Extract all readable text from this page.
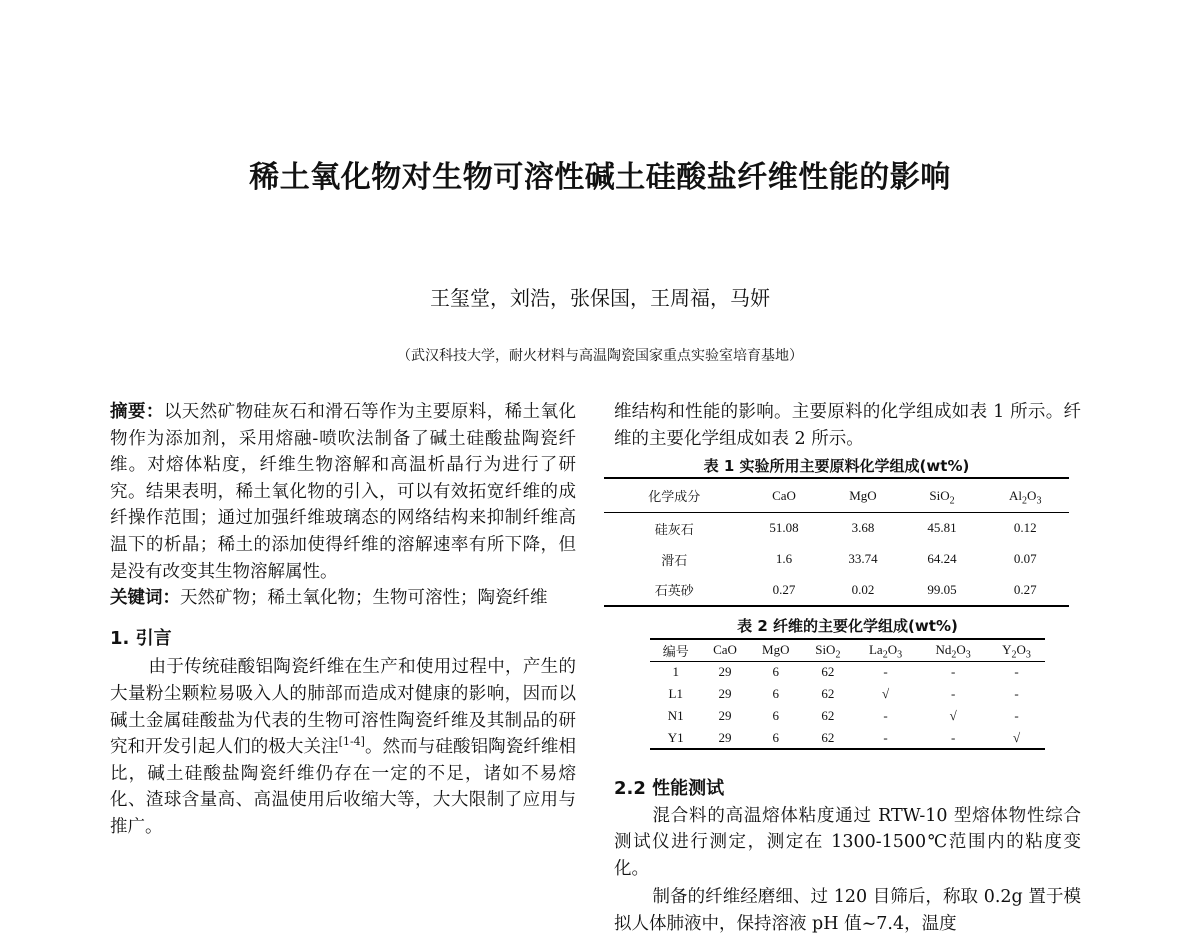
稀土氧化物对生物可溶性碱土硅酸盐纤维性能的影响
王玺堂，刘浩，张保国，王周福，马妍
（武汉科技大学，耐火材料与高温陶瓷国家重点实验室培育基地）

摘要：以天然矿物硅灰石和滑石等作为主要原料，稀土氧化物作为添加剂，采用熔融-喷吹法制备了碱土硅酸盐陶瓷纤维。对熔体粘度，纤维生物溶解和高温析晶行为进行了研究。结果表明，稀土氧化物的引入，可以有效拓宽纤维的成纤操作范围；通过加强纤维玻璃态的网络结构来抑制纤维高温下的析晶；稀土的添加使得纤维的溶解速率有所下降，但是没有改变其生物溶解属性。

关键词：天然矿物；稀土氧化物；生物可溶性；陶瓷纤维

1. 引言

由于传统硅酸铝陶瓷纤维在生产和使用过程中，产生的大量粉尘颗粒易吸入人的肺部而造成对健康的影响，因而以碱土金属硅酸盐为代表的生物可溶性陶瓷纤维及其制品的研究和开发引起人们的极大关注[1-4]。然而与硅酸铝陶瓷纤维相比，碱土硅酸盐陶瓷纤维仍存在一定的不足，诸如不易熔化、渣球含量高、高温使用后收缩大等，大大限制了应用与推广。

维结构和性能的影响。主要原料的化学组成如表 1 所示。纤维的主要化学组成如表 2 所示。

表 1 实验所用主要原料化学组成(wt%)
化学成分	CaO	MgO	SiO$_2$	$Al_2O_3$
硅灰石	51.08	3.68	45.81	0.12
滑石	1.6	33.74	64.24	0.07
石英砂	0.27	0.02	99.05	0.27
表 2 纤维的主要化学组成(wt%)
编号	CaO	MgO	SiO$_2$	$La_2O_3$	$Nd_2O_3$	$Y_2O_3$
1	29	6	62	-	-	-
L1	29	6	62	√	-	-
N1	29	6	62	-	√	-
Y1	29	6	62	-	-	√

2.2 性能测试

混合料的高温熔体粘度通过 RTW-10 型熔体物性综合测试仪进行测定，测定在 1300-1500℃范围内的粘度变化。

制备的纤维经磨细、过 120 目筛后，称取 0.2g 置于模拟人体肺液中，保持溶液 pH 值~7.4，温度
